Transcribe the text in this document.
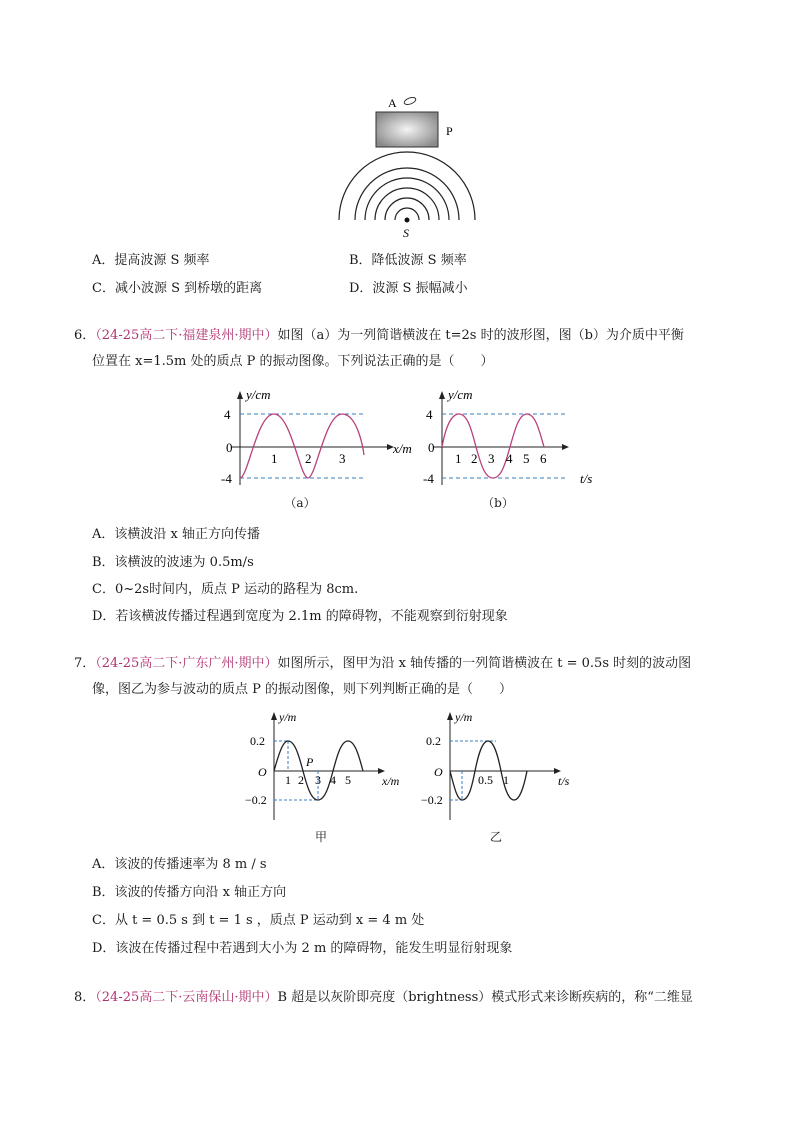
A
P
S
A．提高波源 S 频率	B．降低波源 S 频率
C．减小波源 S 到桥墩的距离	D．波源 S 振幅减小
6．（24-25高二下·福建泉州·期中）如图（a）为一列简谐横波在 t=2s 时的波形图，图（b）为介质中平衡
位置在 x=1.5m 处的质点 P 的振动图像。下列说法正确的是（　　）
y/cm
x/m
4
0
-4
1 2 3
（a）
y/cm
t/s
4
0
-4
1 2 3 4 5 6
（b）
A．该横波沿 x 轴正方向传播
B．该横波的波速为 0.5m/s
C．0~2s时间内，质点 P 运动的路程为 8cm.
D．若该横波传播过程遇到宽度为 2.1m 的障碍物，不能观察到衍射现象
7．（24-25高二下·广东广州·期中）如图所示，图甲为沿 x 轴传播的一列简谐横波在 t = 0.5s 时刻的波动图
像，图乙为参与波动的质点 P 的振动图像，则下列判断正确的是（　　）
y/m
x/m
O
P
0.2
−0.2
1 2 3 4 5
甲
y/m
t/s
O
0.2
−0.2
0.5 1
乙
A．该波的传播速率为 8 m / s
B．该波的传播方向沿 x 轴正方向
C．从 t = 0.5 s 到 t = 1 s ，质点 P 运动到 x = 4 m 处
D．该波在传播过程中若遇到大小为 2 m 的障碍物，能发生明显衍射现象
8．（24-25高二下·云南保山·期中）B 超是以灰阶即亮度（brightness）模式形式来诊断疾病的，称“二维显
